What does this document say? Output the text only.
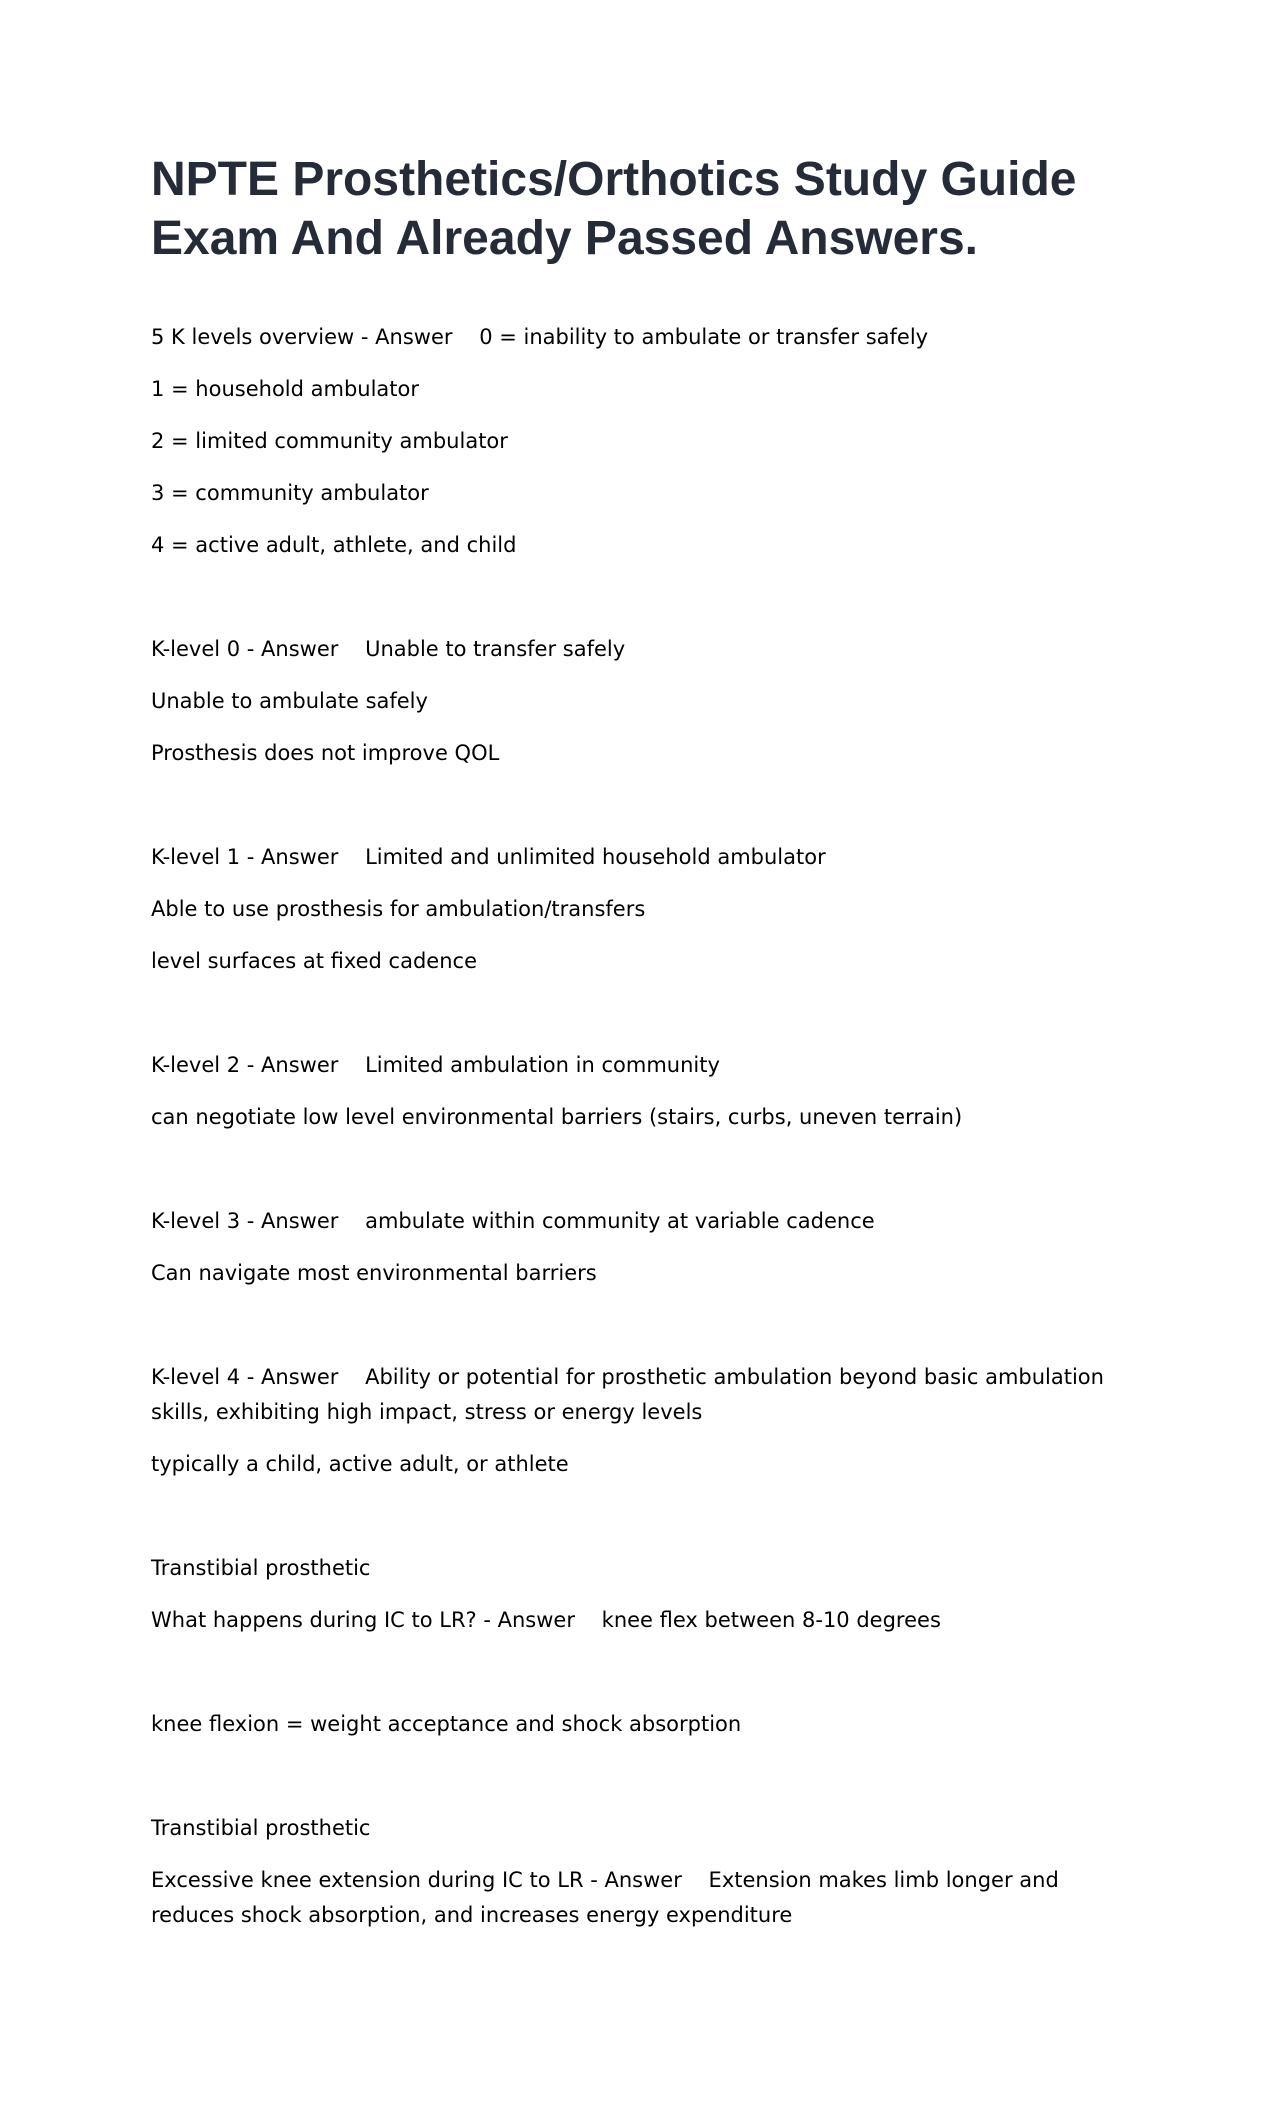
NPTE Prosthetics/Orthotics Study Guide Exam And Already Passed Answers.

5 K levels overview - Answer    0 = inability to ambulate or transfer safely

1 = household ambulator

2 = limited community ambulator

3 = community ambulator

4 = active adult, athlete, and child

K-level 0 - Answer    Unable to transfer safely

Unable to ambulate safely

Prosthesis does not improve QOL

K-level 1 - Answer    Limited and unlimited household ambulator

Able to use prosthesis for ambulation/transfers

level surfaces at fixed cadence

K-level 2 - Answer    Limited ambulation in community

can negotiate low level environmental barriers (stairs, curbs, uneven terrain)

K-level 3 - Answer    ambulate within community at variable cadence

Can navigate most environmental barriers

K-level 4 - Answer    Ability or potential for prosthetic ambulation beyond basic ambulation skills, exhibiting high impact, stress or energy levels

typically a child, active adult, or athlete

Transtibial prosthetic

What happens during IC to LR? - Answer    knee flex between 8-10 degrees

knee flexion = weight acceptance and shock absorption

Transtibial prosthetic

Excessive knee extension during IC to LR - Answer    Extension makes limb longer and reduces shock absorption, and increases energy expenditure
